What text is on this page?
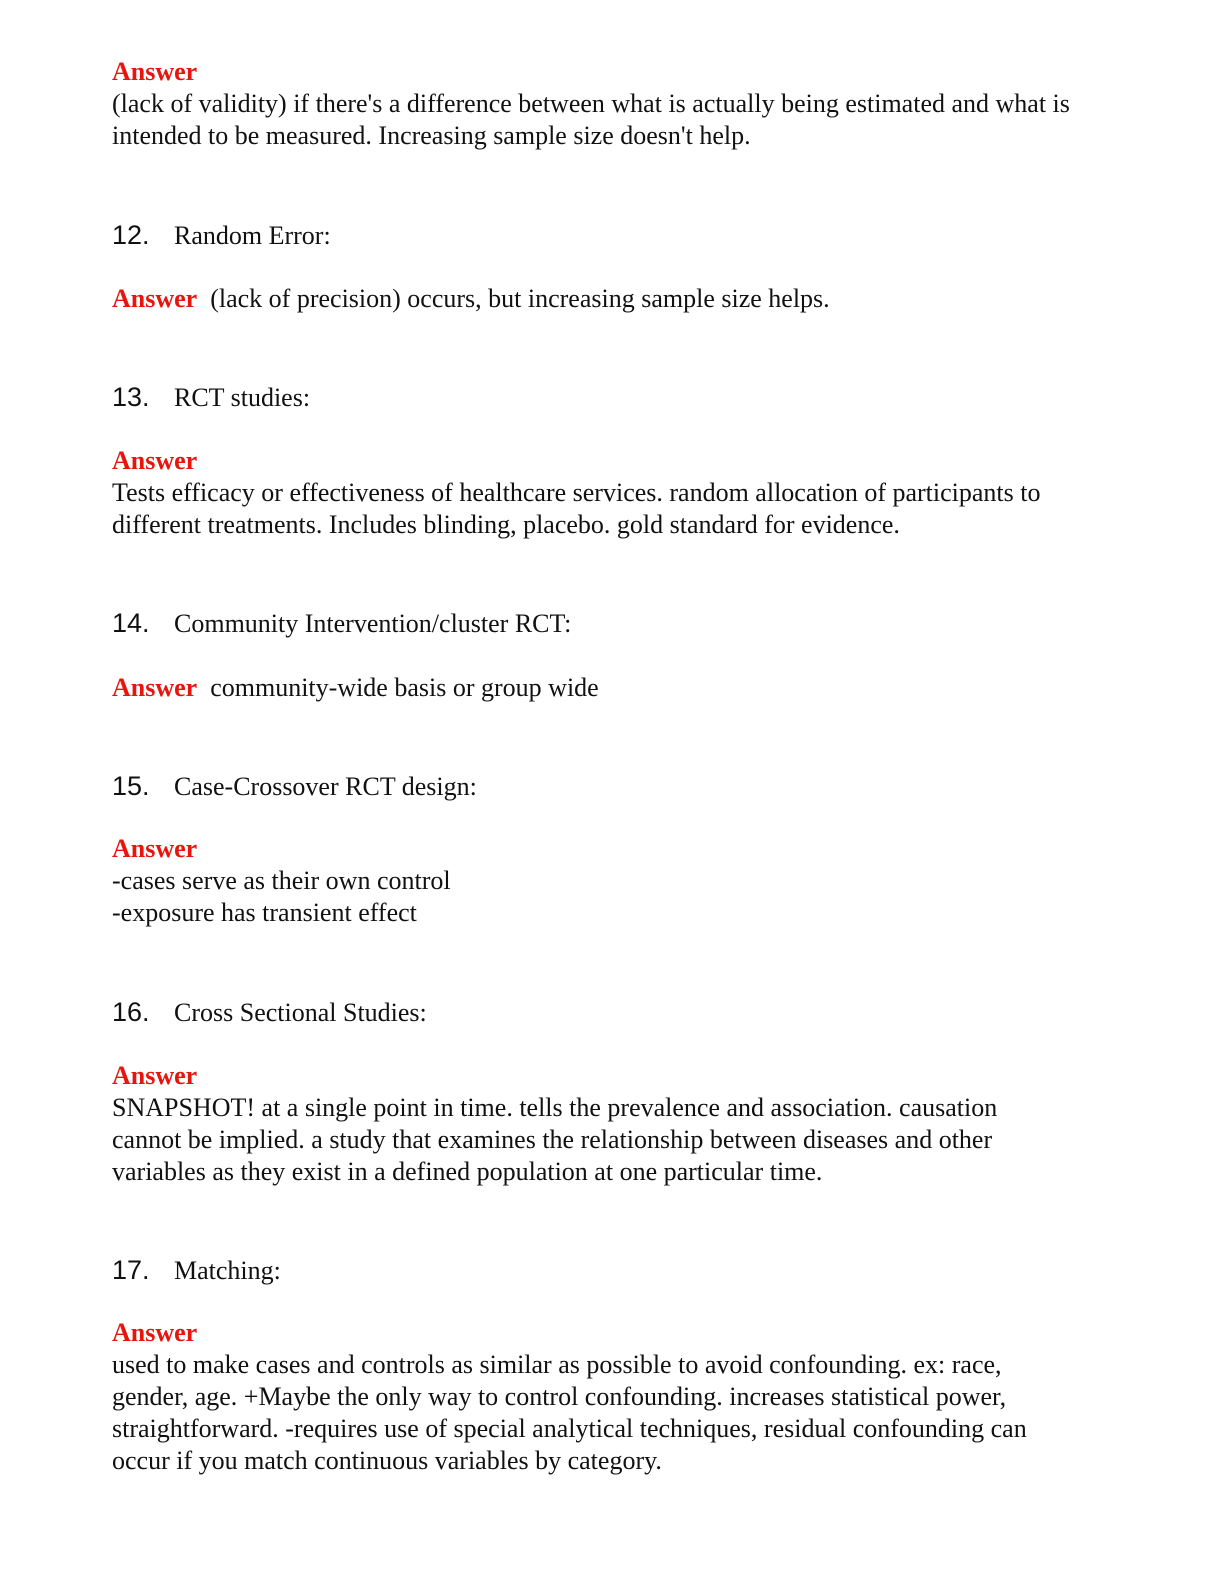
Answer
(lack of validity) if there's a difference between what is actually being estimated and what is
intended to be measured. Increasing sample size doesn't help.
12. Random Error:
Answer (lack of precision) occurs, but increasing sample size helps.
13. RCT studies:
Answer
Tests efficacy or effectiveness of healthcare services. random allocation of participants to
different treatments. Includes blinding, placebo. gold standard for evidence.
14. Community Intervention/cluster RCT:
Answer community-wide basis or group wide
15. Case-Crossover RCT design:
Answer
-cases serve as their own control
-exposure has transient effect
16. Cross Sectional Studies:
Answer
SNAPSHOT! at a single point in time. tells the prevalence and association. causation
cannot be implied. a study that examines the relationship between diseases and other
variables as they exist in a defined population at one particular time.
17. Matching:
Answer
used to make cases and controls as similar as possible to avoid confounding. ex: race,
gender, age. +Maybe the only way to control confounding. increases statistical power,
straightforward. -requires use of special analytical techniques, residual confounding can
occur if you match continuous variables by category.
